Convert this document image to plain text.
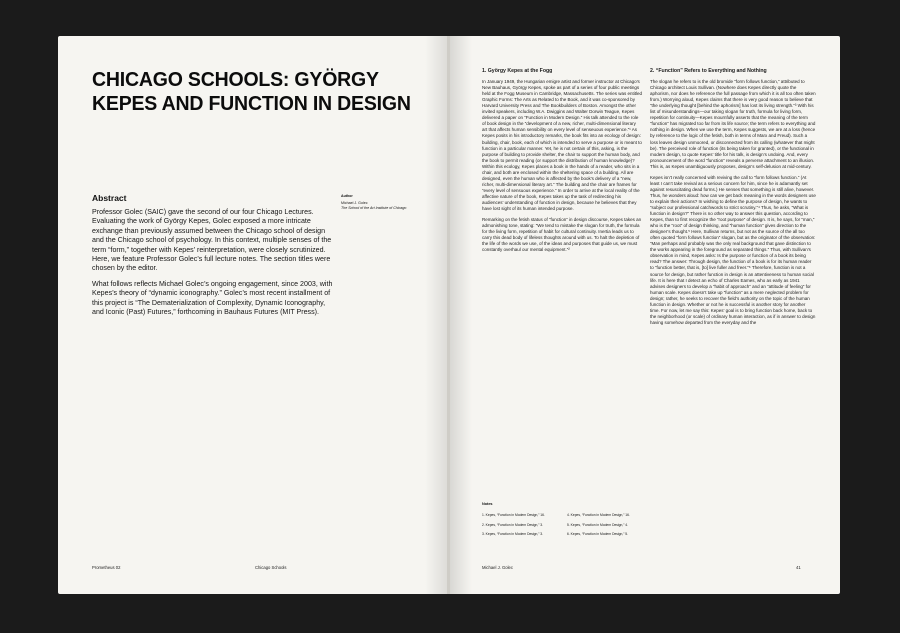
CHICAGO SCHOOLS: GYÖRGY KEPES AND FUNCTION IN DESIGN
Abstract

Professor Golec (SAIC) gave the second of our four Chicago Lectures. Evaluating the work of György Kepes, Golec exposed a more intricate exchange than previously assumed between the Chicago school of design and the Chicago school of psychology. In this context, multiple senses of the term “form,” together with Kepes’ reinterpretation, were closely scrutinized. Here, we feature Professor Golec’s full lecture notes. The section titles were chosen by the editor.

What follows reflects Michael Golec’s ongoing engagement, since 2003, with Kepes’s theory of “dynamic iconography.” Golec’s most recent installment of this project is “The Dematerialization of Complexity, Dynamic Iconography, and Iconic (Past) Futures,” forthcoming in Bauhaus Futures (MIT Press).

Author
Michael J. Golec
The School of the Art Institute of Chicago
Prometheus 02	Chicago Schools
1. György Kepes at the Fogg

In January 1949, the Hungarian emigre artist and former instructor at Chicago’s New Bauhaus, György Kepes, spoke as part of a series of four public meetings held at the Fogg Museum in Cambridge, Massachusetts. The series was entitled Graphic Forms: The Arts as Related to the Book, and it was co-sponsored by Harvard University Press and The Bookbuilders of Boston. Amongst the other invited speakers, including W.A. Dwiggins and Walter Dorwin Teague, Kepes delivered a paper on “Function in Modern Design.” His talk attended to the role of book design in the “development of a new, richer, multi-dimensional literary art that affects human sensibility on every level of senseuous experience.”¹ As Kepes posits in his introductory remarks, the book fits into an ecology of design: building, chair, book, each of which is intended to serve a purpose or is meant to function in a particular manner. Yet, he is not certain of this, asking, is the purpose of building to provide shelter, the chair to support the human body, and the book to permit reading (or support the distribution of human knowledge)? Within this ecology, Kepes places a book in the hands of a reader, who sits in a chair, and both are enclosed within the sheltering space of a building. All are designed, even the human who is affected by the book’s delivery of a “new, richer, multi-dimensional literary art.” The building and the chair are frames for “every level of sensuous experience.” In order to arrive at the local reality of the affective nature of the book, Kepes takes up the task of redirecting his audiences’ understanding of function in design, because he believes that they have lost sight of its human intended purpose.

Remarking on the fetish status of “function” in design discourse, Kepes takes an admonishing tone, stating: “We tend to mistake the slogan for truth, the formula for the living form, repetition of habit for cultural continuity. Inertia leads us to carry this dead body of lifeless thoughts around with us. To halt the depletion of the life of the words we use, of the ideas and purposes that guide us, we must constantly overhaul our mental equipment.”²

2. “Function” Refers to Everything and Nothing

The slogan he refers to is the old bromide “form follows function,” attributed to Chicago architect Louis Sullivan. (Nowhere does Kepes directly quote the aphorism, nor does he reference the full passage from which it is all too often taken from.) Worrying aloud, Kepes claims that there is very good reason to believe that “the underlying thought [behind the aphorism] has lost its living strength.”³ With his list of misunderstandings—our taking slogan for truth, formula for living form, repetition for continuity—Kepes mournfully asserts that the meaning of the term “function” has migrated too far from its life source; the term refers to everything and nothing in design. When we use the term, Kepes suggests, we are at a loss (hence by reference to the logic of the fetish, both in terms of Marx and Freud). Such a loss leaves design unmoored, or disconnected from its calling (whatever that might be). The perceived role of function (its being taken for granted), or the functional in modern design, to quote Kepes’ title for his talk, is design’s undoing. And, every pronouncement of the word “function” reveals a perverse attachment to an illusion. This is, as Kepes unambiguously proposes, design’s self-delusion at mid-century.

Kepes isn’t really concerned with reviving the call to “form follows function.” (At least I can’t take revival as a serious concern for him, since he is adamantly set against resuscitating dead forms.) He senses that something is still alive, however. Thus, he wonders aloud: how can we get back meaning in the words designers use to explain their actions? In wishing to define the purpose of design, he wants to “subject our professional catchwords to strict scrutiny.”⁴ Thus, he asks, “What is function in design?” There is no other way to answer this question, according to Kepes, than to first recognize the “root purpose” of design. It is, he says, for “man,” who is the “root” of design thinking, and “human function” gives direction to the designer’s thought.⁵ Here, Sullivan returns, but not as the source of the all too often quoted “form follows function” slogan, but as the originator of the observation: “Man perhaps and probably was the only real background that gave distinction to the works appearing in the foreground as separated things.” Thus, with Sullivan’s observation in mind, Kepes asks: Is the purpose or function of a book its being read? The answer: Through design, the function of a book is for its human reader to “function better, that is, [to] live fuller and freer.”⁶ Therefore, function is not a source for design, but rather function in design is an attentiveness to human social life. It is here that I detect an echo of Charles Eames, who as early as 1941 advises designers to develop a “habit of approach” and an “attitude of feeling” for human scale. Kepes doesn’t take up “function” as a mere neglected problem for design; rather, he seeks to recover the field’s authority on the topic of the human function in design. Whether or not he is successful is another story for another time. For now, let me say this: Kepes’ goal is to bring function back home, back to the neighborhood (or scale) of ordinary human interaction, as if in answer to design having somehow departed from the everyday and the

Notes
1. Kepes, “Function in Modern Design,” 16.	4. Kepes, “Function in Modern Design,” 16.
2. Kepes, “Function in Modern Design,” 3.	5. Kepes, “Function in Modern Design,” 4.
3. Kepes, “Function in Modern Design,” 3.	6. Kepes, “Function in Modern Design,” 5.
Michael J. Golec	41
